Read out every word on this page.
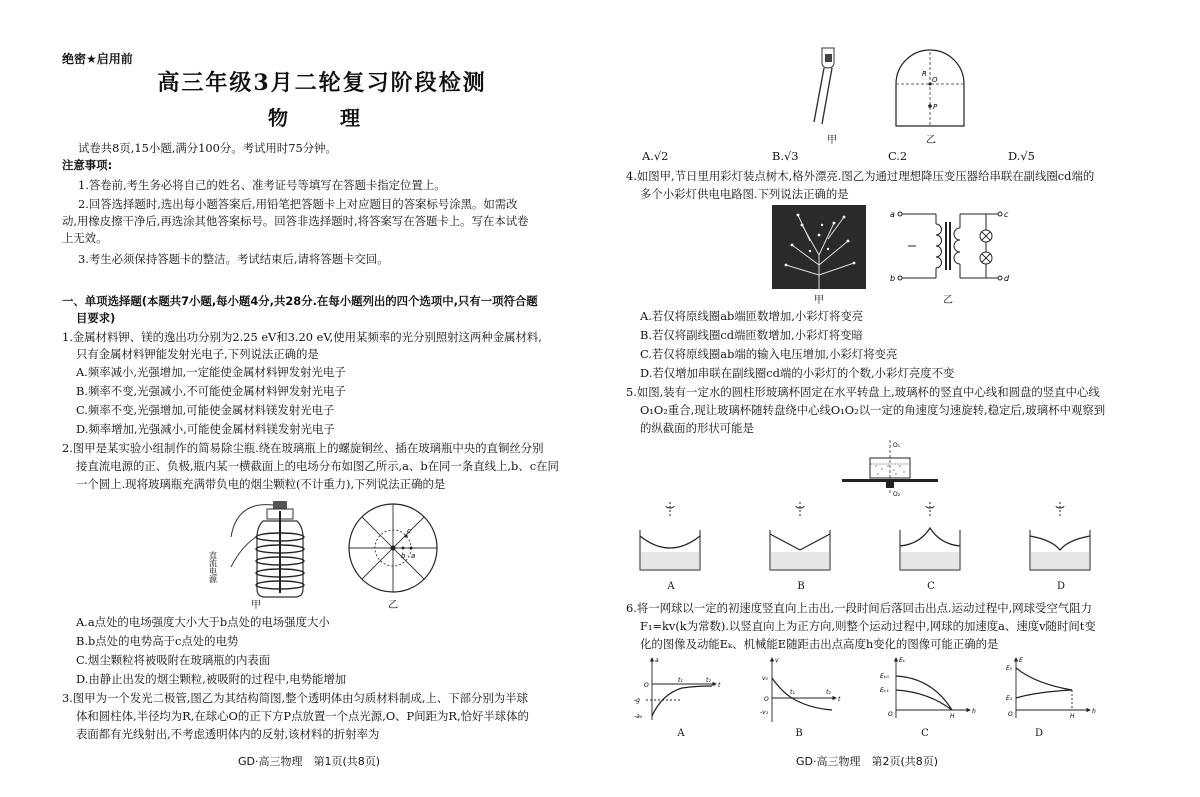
绝密★启用前
高三年级3月二轮复习阶段检测
物　理
试卷共8页,15小题,满分100分。考试用时75分钟。
注意事项:
1.答卷前,考生务必将自己的姓名、准考证号等填写在答题卡指定位置上。
2.回答选择题时,选出每小题答案后,用铅笔把答题卡上对应题目的答案标号涂黑。如需改
动,用橡皮擦干净后,再选涂其他答案标号。回答非选择题时,将答案写在答题卡上。写在本试卷
上无效。
3.考生必须保持答题卡的整洁。考试结束后,请将答题卡交回。
一、单项选择题(本题共7小题,每小题4分,共28分.在每小题列出的四个选项中,只有一项符合题
目要求)
1.金属材料钾、镁的逸出功分别为2.25 eV和3.20 eV,使用某频率的光分别照射这两种金属材料,
只有金属材料钾能发射光电子,下列说法正确的是
A.频率减小,光强增加,一定能使金属材料钾发射光电子
B.频率不变,光强减小,不可能使金属材料钾发射光电子
C.频率不变,光强增加,可能使金属材料镁发射光电子
D.频率增加,光强减小,可能使金属材料镁发射光电子
2.图甲是某实验小组制作的简易除尘瓶.绕在玻璃瓶上的螺旋铜丝、插在玻璃瓶中央的直铜丝分别
接直流电源的正、负极,瓶内某一横截面上的电场分布如图乙所示,a、b在同一条直线上,b、c在同
一个圆上.现将玻璃瓶充满带负电的烟尘颗粒(不计重力),下列说法正确的是
直流电源
甲
a
b
c
乙
A.a点处的电场强度大小大于b点处的电场强度大小
B.b点处的电势高于c点处的电势
C.烟尘颗粒将被吸附在玻璃瓶的内表面
D.由静止出发的烟尘颗粒,被吸附的过程中,电势能增加
3.图甲为一个发光二极管,图乙为其结构简图,整个透明体由匀质材料制成,上、下部分别为半球
体和圆柱体,半径均为R,在球心O的正下方P点放置一个点光源,O、P间距为R,恰好半球体的
表面都有光线射出,不考虑透明体内的反射,该材料的折射率为
GD·高三物理　第1页(共8页)
甲
R
O
P
乙
A.√2	B.√3	C.2	D.√5
4.如图甲,节日里用彩灯装点树木,格外漂亮.图乙为通过理想降压变压器给串联在副线圈cd端的
多个小彩灯供电电路图.下列说法正确的是
甲
a
b
c
d
乙
A.若仅将原线圈ab端匝数增加,小彩灯将变亮
B.若仅将副线圈cd端匝数增加,小彩灯将变暗
C.若仅将原线圈ab端的输入电压增加,小彩灯将变亮
D.若仅增加串联在副线圈cd端的小彩灯的个数,小彩灯亮度不变
5.如图,装有一定水的圆柱形玻璃杯固定在水平转盘上,玻璃杯的竖直中心线和圆盘的竖直中心线
O₁O₂重合,现让玻璃杯随转盘绕中心线O₁O₂以一定的角速度匀速旋转,稳定后,玻璃杯中观察到
的纵截面的形状可能是
O₁
O₂
A	B	C	D
6.将一网球以一定的初速度竖直向上击出,一段时间后落回击出点.运动过程中,网球受空气阻力
F₁=kv(k为常数).以竖直向上为正方向,则整个运动过程中,网球的加速度a、速度v随时间t变
化的图像及动能Eₖ、机械能E随距击出点高度h变化的图像可能正确的是
a
t
O
t₁	t₂
-g
-a₀
v
t
O
v₀
t₁	t₂
-v₁
Eₖ
h
O
Eₖ₀
Eₖ₁
H
E
h
O
E₀
E₁
H
A	B	C	D
GD·高三物理　第2页(共8页)
